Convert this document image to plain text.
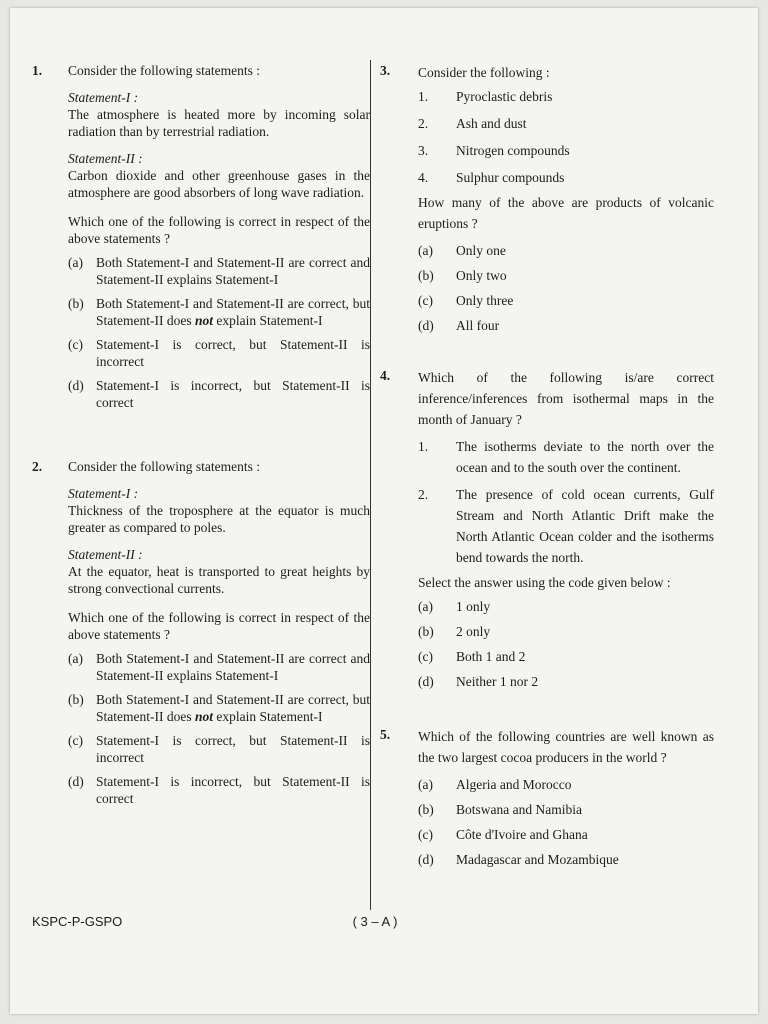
1. Consider the following statements :

Statement-I :

The atmosphere is heated more by incoming solar radiation than by terrestrial radiation.

Statement-II :

Carbon dioxide and other greenhouse gases in the atmosphere are good absorbers of long wave radiation.

Which one of the following is correct in respect of the above statements ?

(a) Both Statement-I and Statement-II are correct and Statement-II explains Statement-I

(b) Both Statement-I and Statement-II are correct, but Statement-II does not explain Statement-I

(c) Statement-I is correct, but Statement-II is incorrect

(d) Statement-I is incorrect, but Statement-II is correct

2. Consider the following statements :

Statement-I :

Thickness of the troposphere at the equator is much greater as compared to poles.

Statement-II :

At the equator, heat is transported to great heights by strong convectional currents.

Which one of the following is correct in respect of the above statements ?

(a) Both Statement-I and Statement-II are correct and Statement-II explains Statement-I

(b) Both Statement-I and Statement-II are correct, but Statement-II does not explain Statement-I

(c) Statement-I is correct, but Statement-II is incorrect

(d) Statement-I is incorrect, but Statement-II is correct

3. Consider the following :

1. Pyroclastic debris

2. Ash and dust

3. Nitrogen compounds

4. Sulphur compounds

How many of the above are products of volcanic eruptions ?

(a) Only one

(b) Only two

(c) Only three

(d) All four

4. Which of the following is/are correct inference/inferences from isothermal maps in the month of January ?

1. The isotherms deviate to the north over the ocean and to the south over the continent.

2. The presence of cold ocean currents, Gulf Stream and North Atlantic Drift make the North Atlantic Ocean colder and the isotherms bend towards the north.

Select the answer using the code given below :

(a) 1 only

(b) 2 only

(c) Both 1 and 2

(d) Neither 1 nor 2

5. Which of the following countries are well known as the two largest cocoa producers in the world ?

(a) Algeria and Morocco

(b) Botswana and Namibia

(c) Côte d'Ivoire and Ghana

(d) Madagascar and Mozambique

KSPC-P-GSPO	( 3 – A )
